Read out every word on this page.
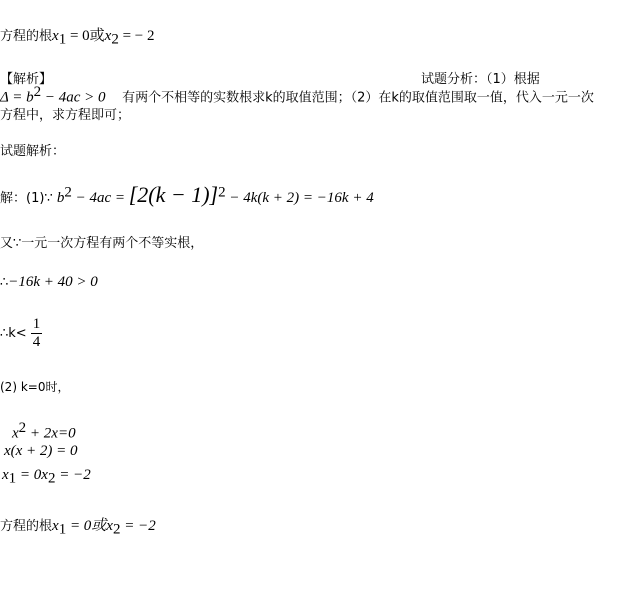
方程的根$x_1 = 0$或$x_2$ = − 2
【解析】	试题分析：（1）根据
$\Delta = b^2 - 4ac > 0$ 有两个不相等的实数根求k的取值范围；（2）在k的取值范围取一值，代入一元一次
方程中，求方程即可；
试题解析：
解：(1)∵ $b^2 - 4ac = [2(k - 1)]^2 - 4k(k + 2) = -16k + 4$
又∵一元一次方程有两个不等实根，
∴−16k + 40 > 0
∴k< $\frac{1}{4}$
(2) k=0时，
$x^2 + 2x=0$
x(x + 2) = 0
$x_1 = 0x_2 = -2$
方程的根$x_1 = 0$或$x_2 = -2$
